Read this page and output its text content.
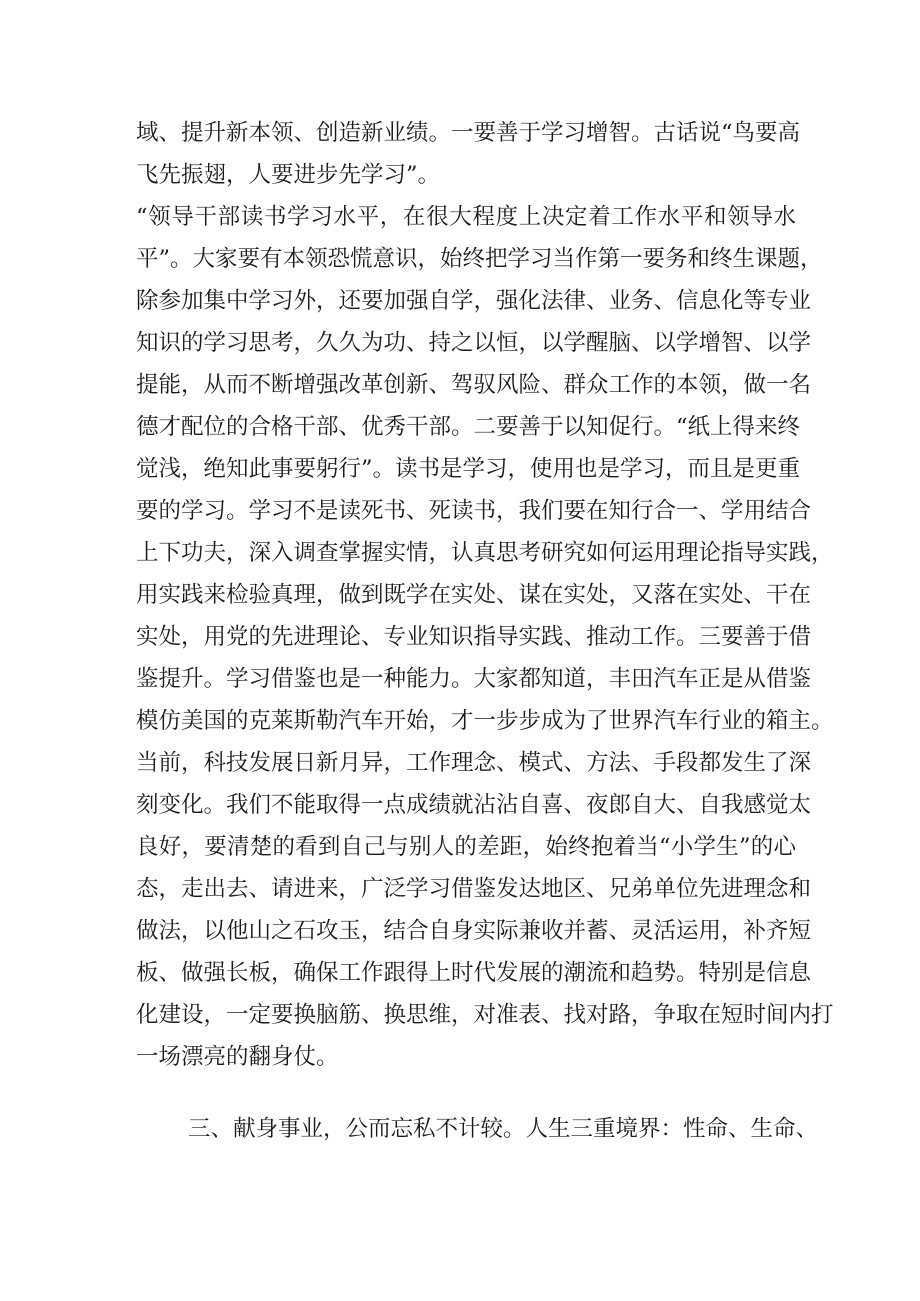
域、提升新本领、创造新业绩。一要善于学习增智。古话说“鸟要高
飞先振翅，人要进步先学习”。
“领导干部读书学习水平，在很大程度上决定着工作水平和领导水
平”。大家要有本领恐慌意识，始终把学习当作第一要务和终生课题，
除参加集中学习外，还要加强自学，强化法律、业务、信息化等专业
知识的学习思考，久久为功、持之以恒，以学醒脑、以学增智、以学
提能，从而不断增强改革创新、驾驭风险、群众工作的本领，做一名
德才配位的合格干部、优秀干部。二要善于以知促行。“纸上得来终
觉浅，绝知此事要躬行”。读书是学习，使用也是学习，而且是更重
要的学习。学习不是读死书、死读书，我们要在知行合一、学用结合
上下功夫，深入调查掌握实情，认真思考研究如何运用理论指导实践，
用实践来检验真理，做到既学在实处、谋在实处，又落在实处、干在
实处，用党的先进理论、专业知识指导实践、推动工作。三要善于借
鉴提升。学习借鉴也是一种能力。大家都知道，丰田汽车正是从借鉴
模仿美国的克莱斯勒汽车开始，才一步步成为了世界汽车行业的箱主。
当前，科技发展日新月异，工作理念、模式、方法、手段都发生了深
刻变化。我们不能取得一点成绩就沾沾自喜、夜郎自大、自我感觉太
良好，要清楚的看到自己与别人的差距，始终抱着当“小学生”的心
态，走出去、请进来，广泛学习借鉴发达地区、兄弟单位先进理念和
做法，以他山之石攻玉，结合自身实际兼收并蓄、灵活运用，补齐短
板、做强长板，确保工作跟得上时代发展的潮流和趋势。特别是信息
化建设，一定要换脑筋、换思维，对准表、找对路，争取在短时间内打
一场漂亮的翻身仗。
三、献身事业，公而忘私不计较。人生三重境界：性命、生命、
